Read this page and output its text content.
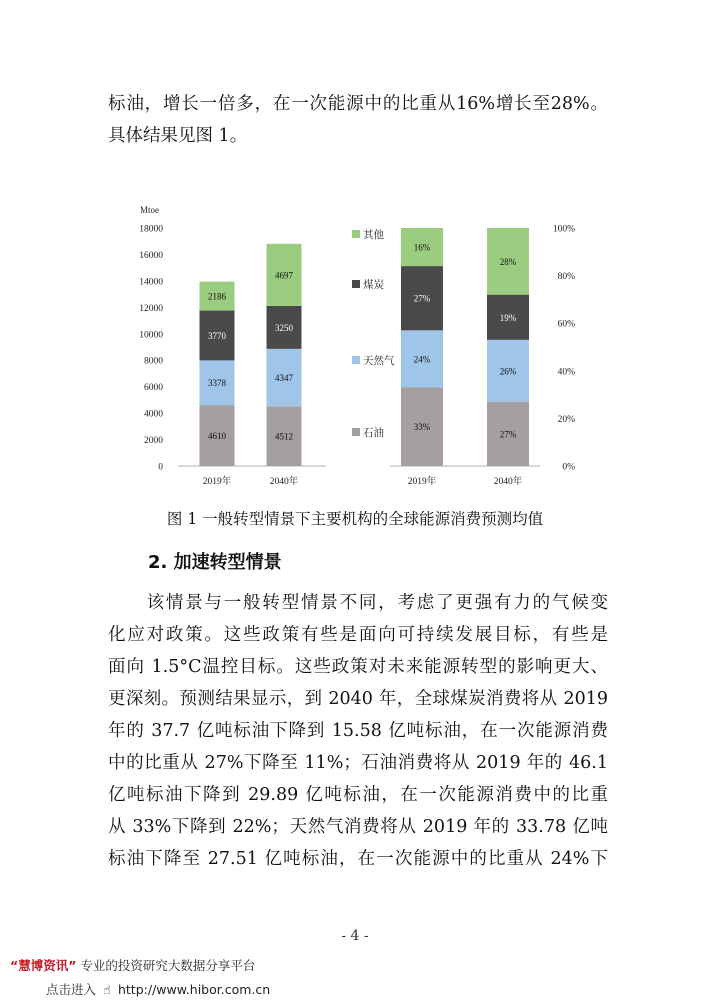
标油，增长一倍多，在一次能源中的比重从16%增长至28%。
具体结果见图 1。
Mtoe
0
2000
4000
6000
8000
10000
12000
14000
16000
18000
4610
3378
3770
2186
2019年
4512
4347
3250
4697
2040年
其他
煤炭
天然气
石油
0%
20%
40%
60%
80%
100%
33%
24%
27%
16%
2019年
27%
26%
19%
28%
2040年
图 1 一般转型情景下主要机构的全球能源消费预测均值
2. 加速转型情景
　　该情景与一般转型情景不同，考虑了更强有力的气候变
化应对政策。这些政策有些是面向可持续发展目标，有些是
面向 1.5°C温控目标。这些政策对未来能源转型的影响更大、
更深刻。预测结果显示，到 2040 年，全球煤炭消费将从 2019
年的 37.7 亿吨标油下降到 15.58 亿吨标油，在一次能源消费
中的比重从 27%下降至 11%；石油消费将从 2019 年的 46.1
亿吨标油下降到 29.89 亿吨标油，在一次能源消费中的比重
从 33%下降到 22%；天然气消费将从 2019 年的 33.78 亿吨
标油下降至 27.51 亿吨标油，在一次能源中的比重从 24%下
- 4 -
“慧博资讯” 专业的投资研究大数据分享平台
点击进入 ☝ http://www.hibor.com.cn
